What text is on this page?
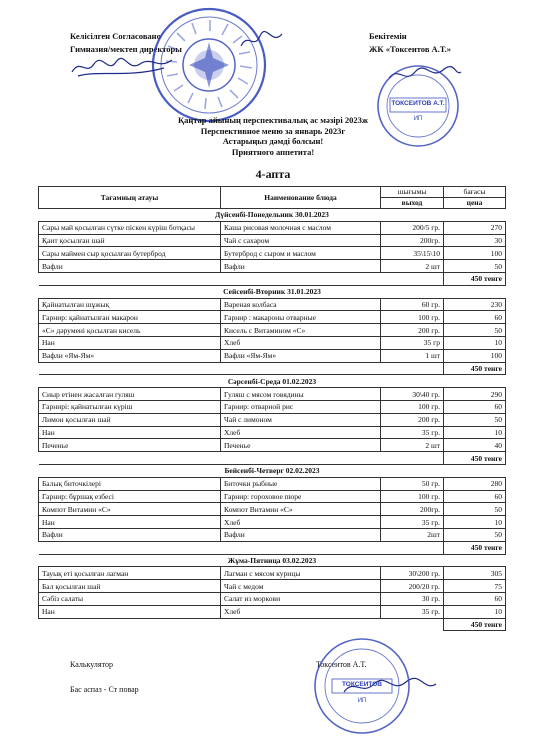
Келісілген Согласовано
Гимназия/мектеп директоры
Бекітемін
ЖК «Токсеитов А.Т.»
ТОКСЕИТОВ А.Т.
ИП
Қаңтар айының перспективалық ас мәзірі 2023ж
Перспективное меню за январь 2023г
Астарыңыз дәмді болсын!
Приятного аппетита!
4-апта
Тағамның атауы	Наименование блюда	шығымы	бағасы
		выход	цена
Дүйсенбі-Понедельник 30.01.2023			
Сары май қосылған сүтке піскен күріш ботқасы	Каша рисовая молочная с маслом	200/5 гр.	270
Қант қосылған шай	Чай с сахаром	200гр.	30
Сары маймен сыр қосылған бутерброд	Бутерброд с сыром и маслом	35\15\10	100
Вафли	Вафли	2 шт	50
			450 тенге
Сейсенбі-Вторник 31.01.2023			
Қайнатылған шұжық	Вареная колбаса	60 гр.	230
Гарнир: қайнатылған макарон	Гарнир : макароны отварные	100 гр.	60
«С» дәруменi қосылған кисель	Кисель с Витамином «С»	200 гр.	50
Нан	Хлеб	35 гр	10
Вафли «Ям-Ям»	Вафли «Ям-Ям»	1 шт	100
			450 тенге
Сәрсенбі-Среда 01.02.2023			
Сиыр етінен жасалған гуляш	Гуляш с мясом говядины	30\40 гр.	290
Гарнирі: қайнатылған күріш	Гарнир: отварной рис	100 гр.	60
Лимон қосылған шай	Чай с лимоном	200 гр.	50
Нан	Хлеб	35 гр.	10
Печенье	Печенье	2 шт	40
			450 тенге
Бейсенбі-Четверг 02.02.2023			
Балық биточкілері	Биточки рыбные	50 гр.	280
Гарнир: бұршақ езбесі	Гарнир: гороховое пюре	100 гр.	60
Компот Витамин «С»	Компот Витамин «С»	200гр.	50
Нан	Хлеб	35 гр.	10
Вафли	Вафли	2шт	50
			450 тенге
Жұма-Пятница 03.02.2023			
Тауық еті қосылған лагман	Лагман с мясом курицы	30\200 гр.	305
Бал қосылған шай	Чай с медом	200/20 гр.	75
Сәбіз салаты	Салат из моркови	30 гр.	60
Нан	Хлеб	35 гр.	10
			450 тенге
Калькулятор	Токсеитов А.Т.
Бас аспаз - Ст повар
ТОКСЕИТОВ
ИП
